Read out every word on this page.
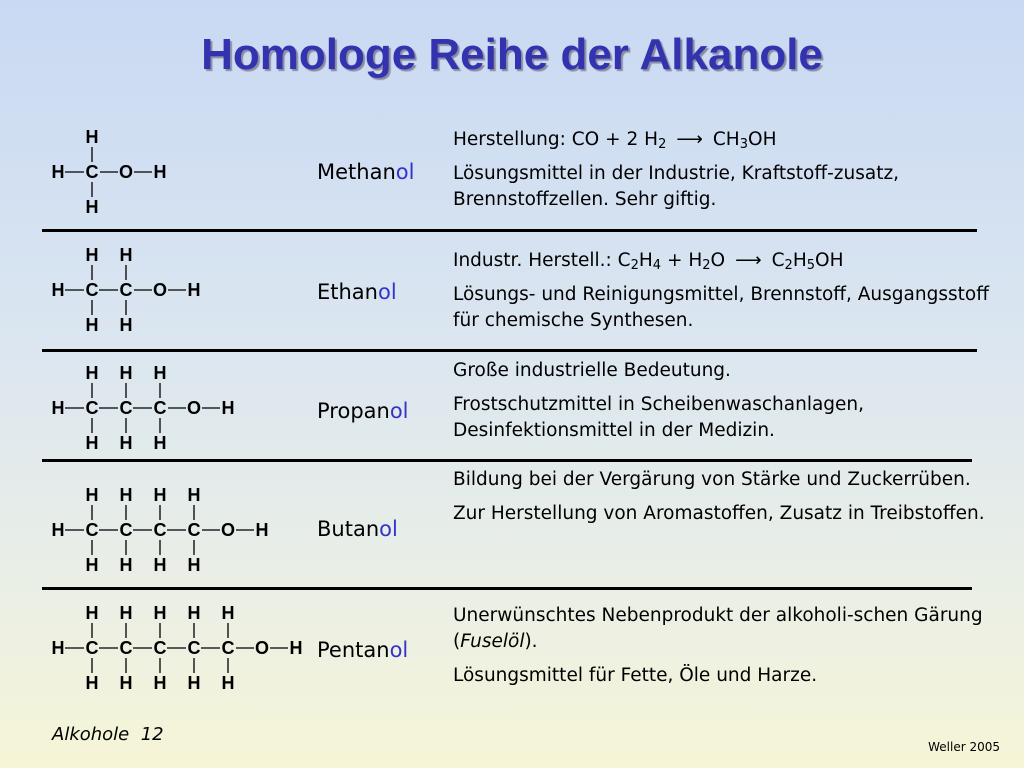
Homologe Reihe der Alkanole
H C
H
H
O H
H C
H
H
C
H
H
O H
H C
H
H
C
H
H
C
H
H
O H
H C
H
H
C
H
H
C
H
H
C
H
H
O H
H C
H
H
C
H
H
C
H
H
C
H
H
C
H
H
O H
Methanol
Ethanol
Propanol
Butanol
Pentanol

Herstellung: CO + 2 $H_2$ ⟶ $CH_3OH$

Lösungsmittel in der Industrie, Kraftstoff-zusatz, Brennstoffzellen. Sehr giftig.

Industr. Herstell.: $C_2H_4 + H_2O$ ⟶ $C_2H_5OH$

Lösungs- und Reinigungsmittel, Brennstoff, Ausgangsstoff für chemische Synthesen.

Große industrielle Bedeutung.

Frostschutzmittel in Scheibenwaschanlagen, Desinfektionsmittel in der Medizin.

Bildung bei der Vergärung von Stärke und Zuckerrüben.

Zur Herstellung von Aromastoffen, Zusatz in Treibstoffen.

Unerwünschtes Nebenprodukt der alkoholi-schen Gärung (Fuselöl).

Lösungsmittel für Fette, Öle und Harze.

Alkohole  12
Weller 2005
